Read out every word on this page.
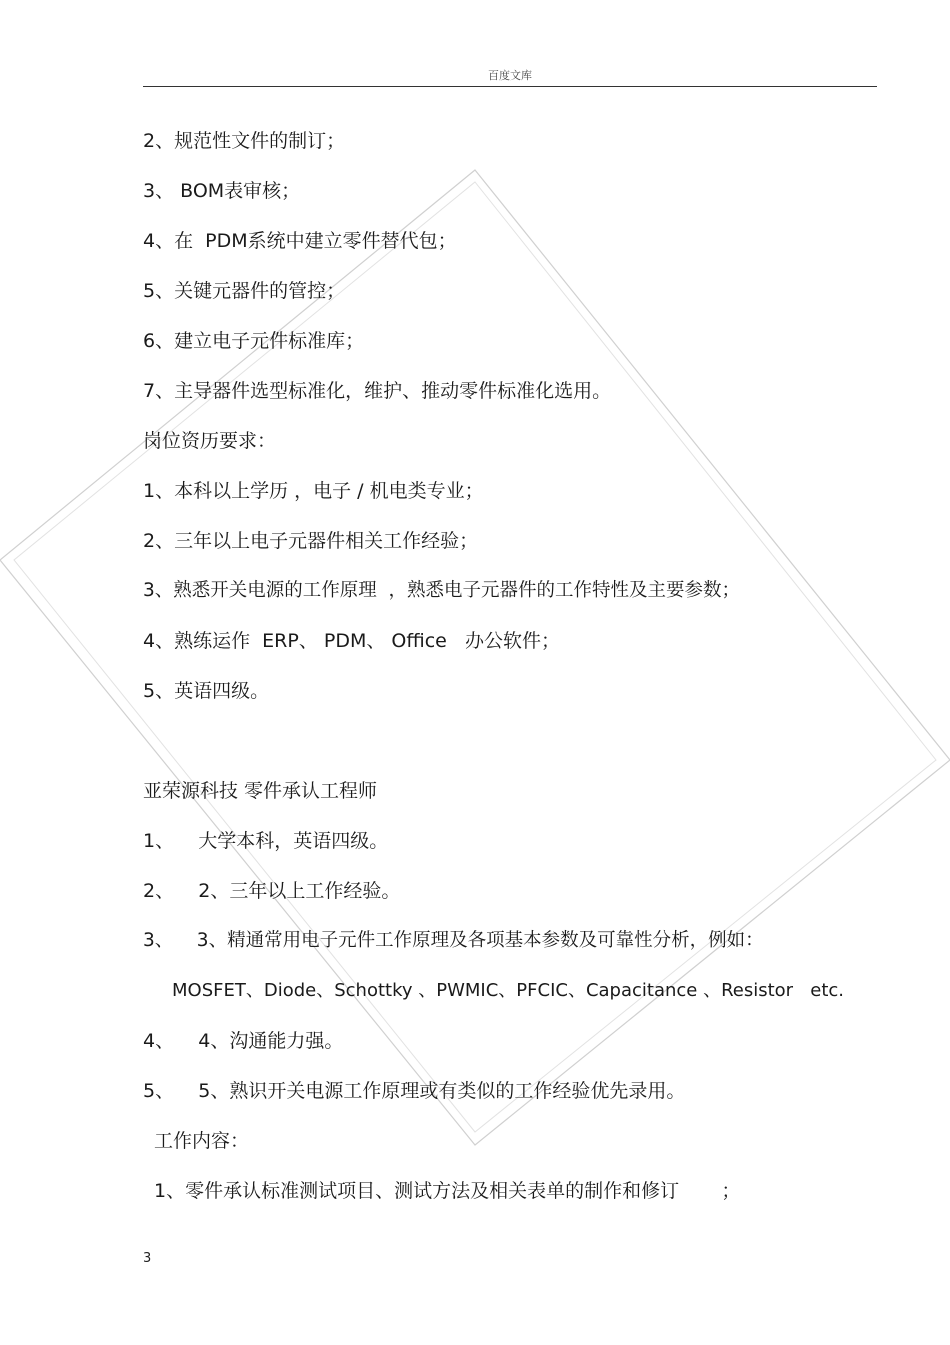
百度文库
2、规范性文件的制订；
3、 BOM表审核；
4、在  PDM系统中建立零件替代包；
5、关键元器件的管控；
6、建立电子元件标准库；
7、主导器件选型标准化，维护、推动零件标准化选用。
岗位资历要求：
1、本科以上学历 ，电子 / 机电类专业；
2、三年以上电子元器件相关工作经验；
3、熟悉开关电源的工作原理  ，熟悉电子元器件的工作特性及主要参数；
4、熟练运作  ERP、 PDM、 Office   办公软件；
5、英语四级。
亚荣源科技 零件承认工程师
1、    大学本科，英语四级。
2、    2、三年以上工作经验。
3、    3、精通常用电子元件工作原理及各项基本参数及可靠性分析，例如：
MOSFET、Diode、Schottky 、PWMIC、PFCIC、Capacitance 、Resistor   etc.
4、    4、沟通能力强。
5、    5、熟识开关电源工作原理或有类似的工作经验优先录用。
工作内容：
1、零件承认标准测试项目、测试方法及相关表单的制作和修订       ；
3
